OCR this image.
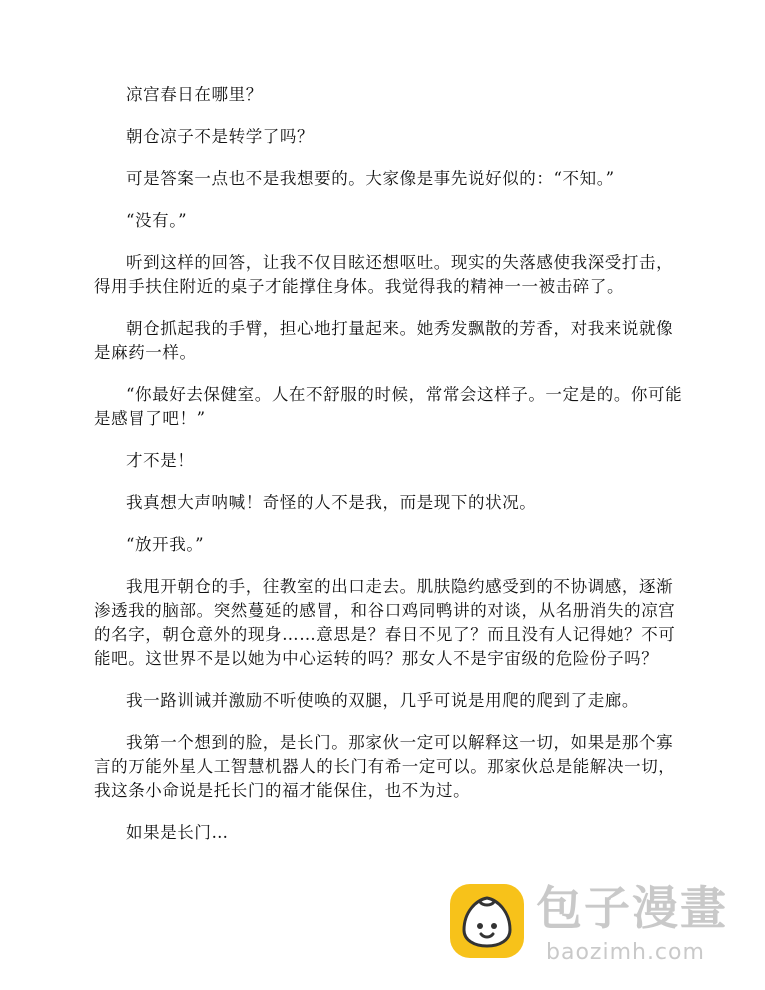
凉宫春日在哪里？

朝仓凉子不是转学了吗？

可是答案一点也不是我想要的。大家像是事先说好似的：“不知。”

“没有。”

听到这样的回答，让我不仅目眩还想呕吐。现实的失落感使我深受打击，得用手扶住附近的桌子才能撑住身体。我觉得我的精神一一被击碎了。

朝仓抓起我的手臂，担心地打量起来。她秀发飘散的芳香，对我来说就像是麻药一样。

“你最好去保健室。人在不舒服的时候，常常会这样子。一定是的。你可能是感冒了吧！”

才不是！

我真想大声呐喊！奇怪的人不是我，而是现下的状况。

“放开我。”

我甩开朝仓的手，往教室的出口走去。肌肤隐约感受到的不协调感，逐渐渗透我的脑部。突然蔓延的感冒，和谷口鸡同鸭讲的对谈，从名册消失的凉宫的名字，朝仓意外的现身……意思是？春日不见了？而且没有人记得她？不可能吧。这世界不是以她为中心运转的吗？那女人不是宇宙级的危险份子吗？

我一路训诫并激励不听使唤的双腿，几乎可说是用爬的爬到了走廊。

我第一个想到的脸，是长门。那家伙一定可以解释这一切，如果是那个寡言的万能外星人工智慧机器人的长门有希一定可以。那家伙总是能解决一切，我这条小命说是托长门的福才能保住，也不为过。

如果是长门…

包子漫畫
baozimh.com
